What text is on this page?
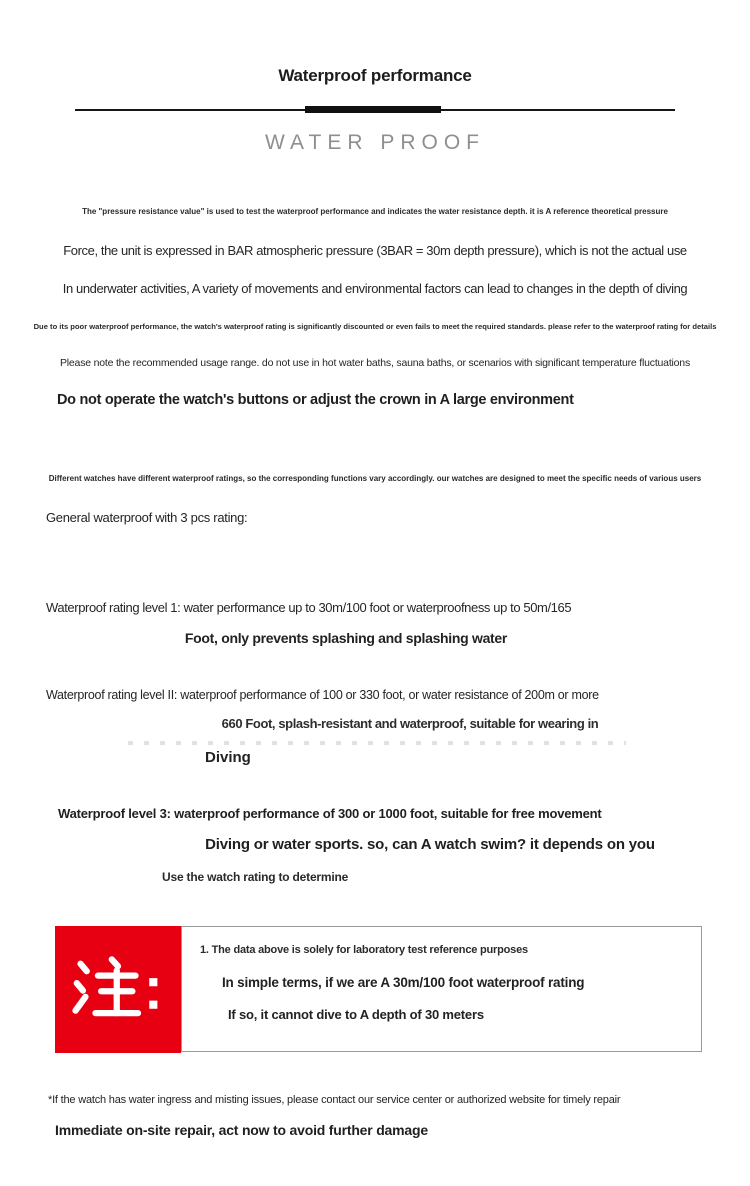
Waterproof performance
WATER PROOF
The "pressure resistance value" is used to test the waterproof performance and indicates the water resistance depth. it is A reference theoretical pressure
Force, the unit is expressed in BAR atmospheric pressure (3BAR = 30m depth pressure), which is not the actual use
In underwater activities, A variety of movements and environmental factors can lead to changes in the depth of diving
Due to its poor waterproof performance, the watch's waterproof rating is significantly discounted or even fails to meet the required standards. please refer to the waterproof rating for details
Please note the recommended usage range. do not use in hot water baths, sauna baths, or scenarios with significant temperature fluctuations
Do not operate the watch's buttons or adjust the crown in A large environment
Different watches have different waterproof ratings, so the corresponding functions vary accordingly. our watches are designed to meet the specific needs of various users
General waterproof with 3 pcs rating:
Waterproof rating level 1: water performance up to 30m/100 foot or waterproofness up to 50m/165
Foot, only prevents splashing and splashing water
Waterproof rating level II: waterproof performance of 100 or 330 foot, or water resistance of 200m or more
660 Foot, splash-resistant and waterproof, suitable for wearing in
Diving
Waterproof level 3: waterproof performance of 300 or 1000 foot, suitable for free movement
Diving or water sports. so, can A watch swim? it depends on you
Use the watch rating to determine
1. The data above is solely for laboratory test reference purposes
In simple terms, if we are A 30m/100 foot waterproof rating
If so, it cannot dive to A depth of 30 meters
*If the watch has water ingress and misting issues, please contact our service center or authorized website for timely repair
Immediate on-site repair, act now to avoid further damage
